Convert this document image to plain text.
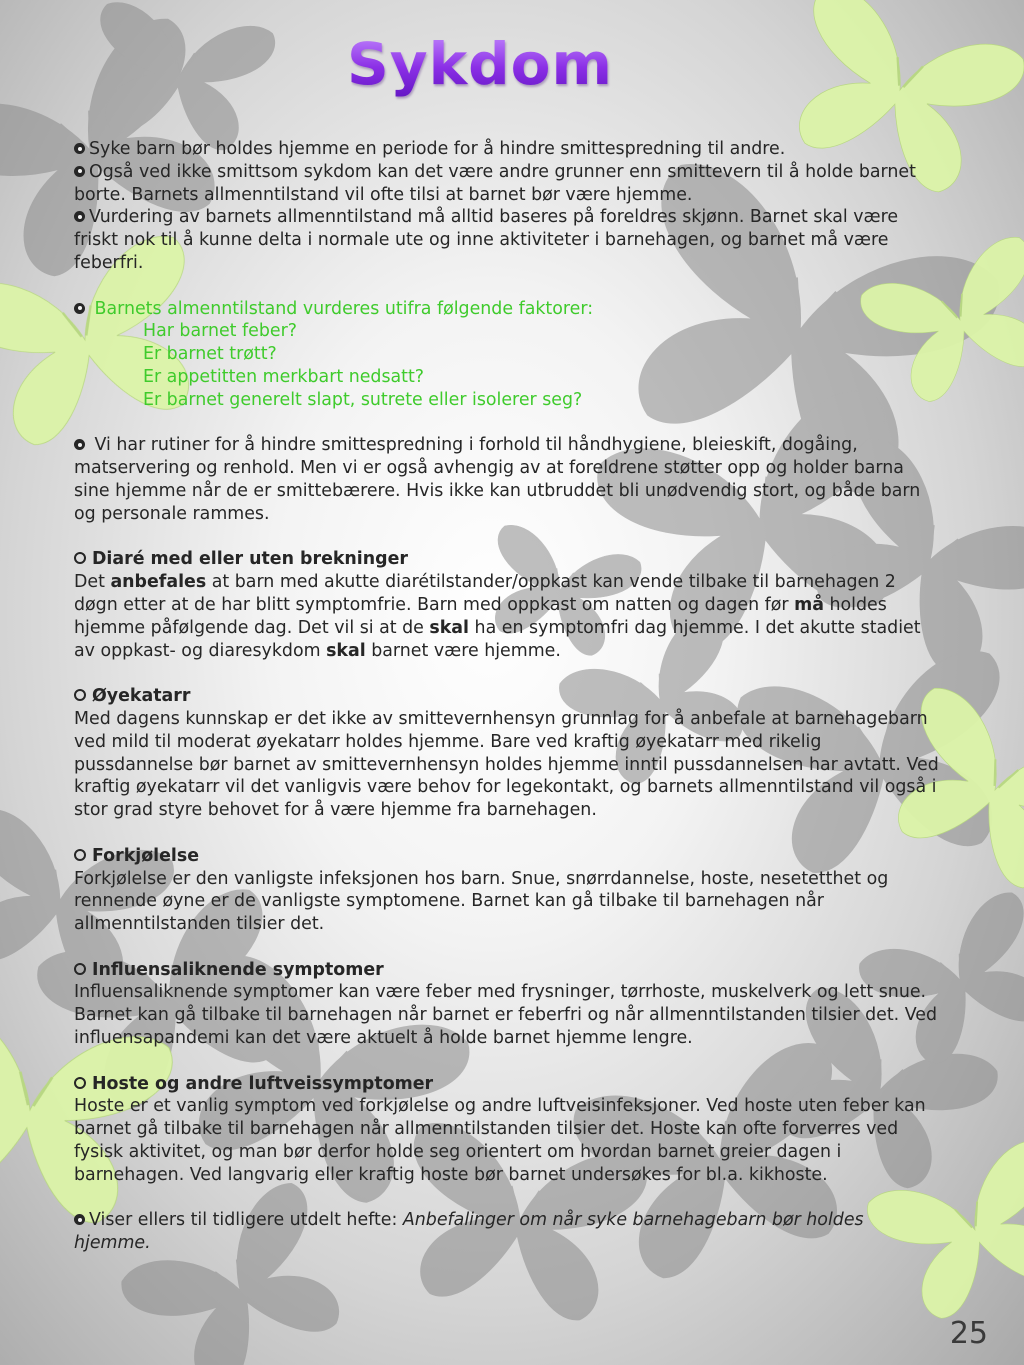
Sykdom

Syke barn bør holdes hjemme en periode for å hindre smittespredning til andre.

Også ved ikke smittsom sykdom kan det være andre grunner enn smittevern til å holde barnet borte. Barnets allmenntilstand vil ofte tilsi at barnet bør være hjemme.

Vurdering av barnets allmenntilstand må alltid baseres på foreldres skjønn. Barnet skal være friskt nok til å kunne delta i normale ute og inne aktiviteter i barnehagen, og barnet må være feberfri.

Barnets almenntilstand vurderes utifra følgende faktorer:

Har barnet feber?

Er barnet trøtt?

Er appetitten merkbart nedsatt?

Er barnet generelt slapt, sutrete eller isolerer seg?

Vi har rutiner for å hindre smittespredning i forhold til håndhygiene, bleieskift, dogåing, matservering og renhold. Men vi er også avhengig av at foreldrene støtter opp og holder barna sine hjemme når de er smittebærere. Hvis ikke kan utbruddet bli unødvendig stort, og både barn og personale rammes.

Diaré med eller uten brekninger

Det anbefales at barn med akutte diarétilstander/oppkast kan vende tilbake til barnehagen 2 døgn etter at de har blitt symptomfrie. Barn med oppkast om natten og dagen før må holdes hjemme påfølgende dag. Det vil si at de skal ha en symptomfri dag hjemme. I det akutte stadiet av oppkast- og diaresykdom skal barnet være hjemme.

Øyekatarr

Med dagens kunnskap er det ikke av smittevernhensyn grunnlag for å anbefale at barnehagebarn ved mild til moderat øyekatarr holdes hjemme. Bare ved kraftig øyekatarr med rikelig pussdannelse bør barnet av smittevernhensyn holdes hjemme inntil pussdannelsen har avtatt. Ved kraftig øyekatarr vil det vanligvis være behov for legekontakt, og barnets allmenntilstand vil også i stor grad styre behovet for å være hjemme fra barnehagen.

Forkjølelse

Forkjølelse er den vanligste infeksjonen hos barn. Snue, snørrdannelse, hoste, nesetetthet og rennende øyne er de vanligste symptomene. Barnet kan gå tilbake til barnehagen når allmenntilstanden tilsier det.

Influensaliknende symptomer

Influensaliknende symptomer kan være feber med frysninger, tørrhoste, muskelverk og lett snue. Barnet kan gå tilbake til barnehagen når barnet er feberfri og når allmenntilstanden tilsier det. Ved influensapandemi kan det være aktuelt å holde barnet hjemme lengre.

Hoste og andre luftveissymptomer

Hoste er et vanlig symptom ved forkjølelse og andre luftveisinfeksjoner. Ved hoste uten feber kan barnet gå tilbake til barnehagen når allmenntilstanden tilsier det. Hoste kan ofte forverres ved fysisk aktivitet, og man bør derfor holde seg orientert om hvordan barnet greier dagen i barnehagen. Ved langvarig eller kraftig hoste bør barnet undersøkes for bl.a. kikhoste.

Viser ellers til tidligere utdelt hefte: Anbefalinger om når syke barnehagebarn bør holdes hjemme.

25
